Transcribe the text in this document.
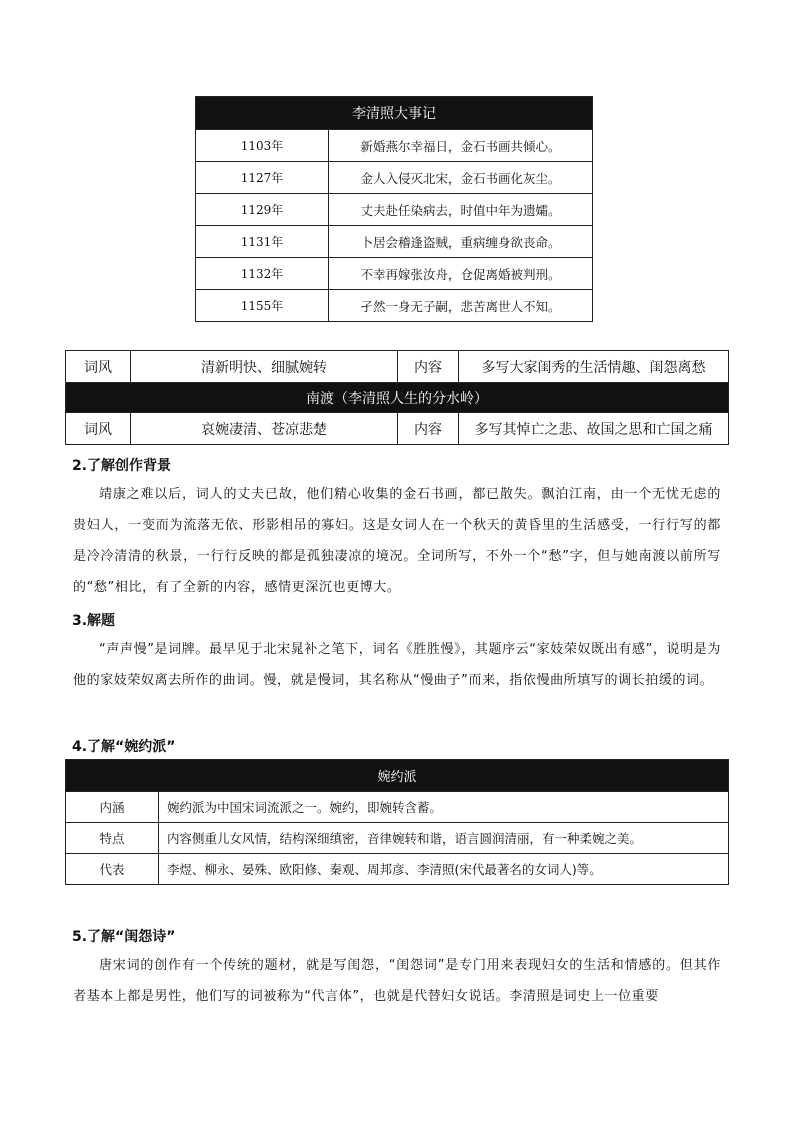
李清照大事记	
1103年	新婚燕尔幸福日，金石书画共倾心。
1127年	金人入侵灭北宋，金石书画化灰尘。
1129年	丈夫赴任染病去，时值中年为遗孀。
1131年	卜居会稽逢盗贼，重病缠身欲丧命。
1132年	不幸再嫁张汝舟，仓促离婚被判刑。
1155年	孑然一身无子嗣，悲苦离世人不知。
词风	清新明快、细腻婉转	内容	多写大家闺秀的生活情趣、闺怨离愁
南渡（李清照人生的分水岭）			
词风	哀婉凄清、苍凉悲楚	内容	多写其悼亡之悲、故国之思和亡国之痛
2.了解创作背景

靖康之难以后，词人的丈夫已故，他们精心收集的金石书画，都已散失。飘泊江南，由一个无忧无虑的贵妇人，一变而为流落无依、形影相吊的寡妇。这是女词人在一个秋天的黄昏里的生活感受，一行行写的都是冷冷清清的秋景，一行行反映的都是孤独凄凉的境况。全词所写，不外一个“愁”字，但与她南渡以前所写的“愁”相比，有了全新的内容，感情更深沉也更博大。

3.解题

“声声慢”是词牌。最早见于北宋晁补之笔下，词名《胜胜慢》，其题序云“家妓荣奴既出有感”，说明是为他的家妓荣奴离去所作的曲词。慢，就是慢词，其名称从“慢曲子”而来，指依慢曲所填写的调长拍缓的词。

4.了解“婉约派”
婉约派	
内涵	婉约派为中国宋词流派之一。婉约，即婉转含蓄。
特点	内容侧重儿女风情，结构深细缜密，音律婉转和谐，语言圆润清丽，有一种柔婉之美。
代表	李煜、柳永、晏殊、欧阳修、秦观、周邦彦、李清照(宋代最著名的女词人)等。
5.了解“闺怨诗”

唐宋词的创作有一个传统的题材，就是写闺怨，“闺怨词”是专门用来表现妇女的生活和情感的。但其作者基本上都是男性，他们写的词被称为“代言体”，也就是代替妇女说话。李清照是词史上一位重要
